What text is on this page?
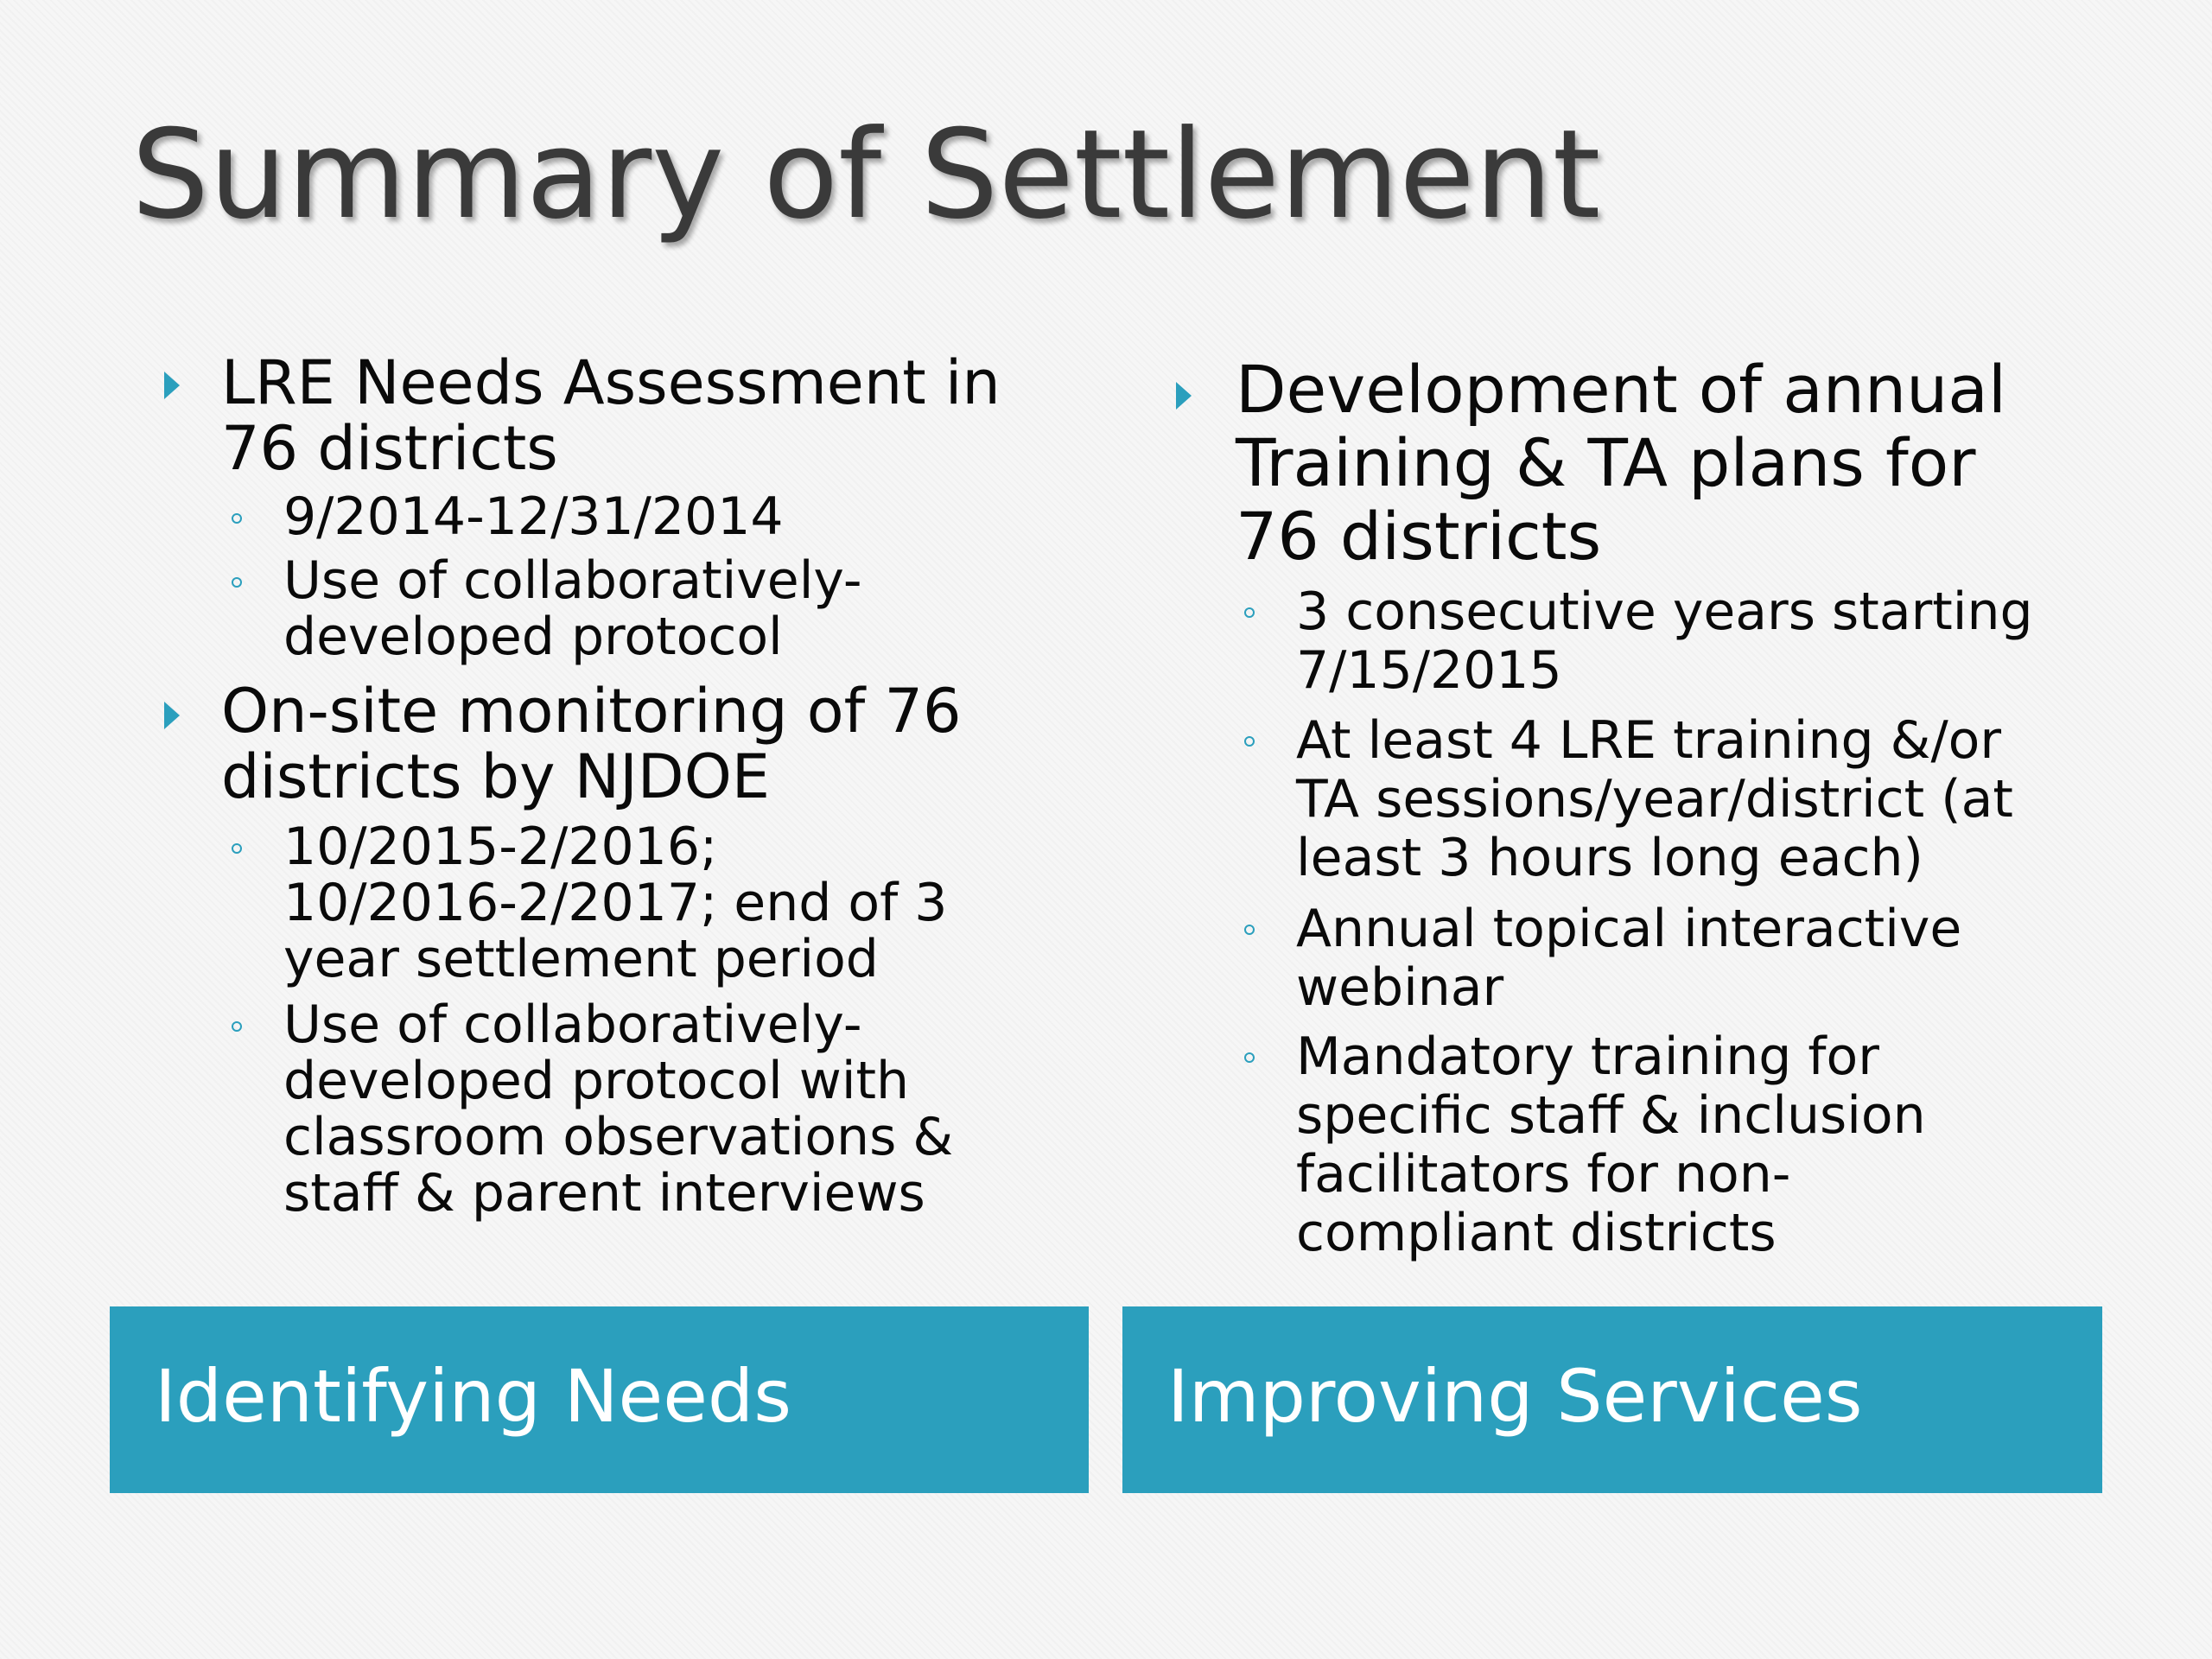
Summary of Settlement
LRE Needs Assessment in
76 districts
9/2014-12/31/2014
Use of collaboratively-
developed protocol
On-site monitoring of 76
districts by NJDOE
10/2015-2/2016;
10/2016-2/2017; end of 3
year settlement period
Use of collaboratively-
developed protocol with
classroom observations &
staff & parent interviews
Identifying Needs
Development of annual
Training & TA plans for
76 districts
3 consecutive years starting
7/15/2015
At least 4 LRE training &/or
TA sessions/year/district (at
least 3 hours long each)
Annual topical interactive
webinar
Mandatory training for
specific staff & inclusion
facilitators for non-
compliant districts
Improving Services
